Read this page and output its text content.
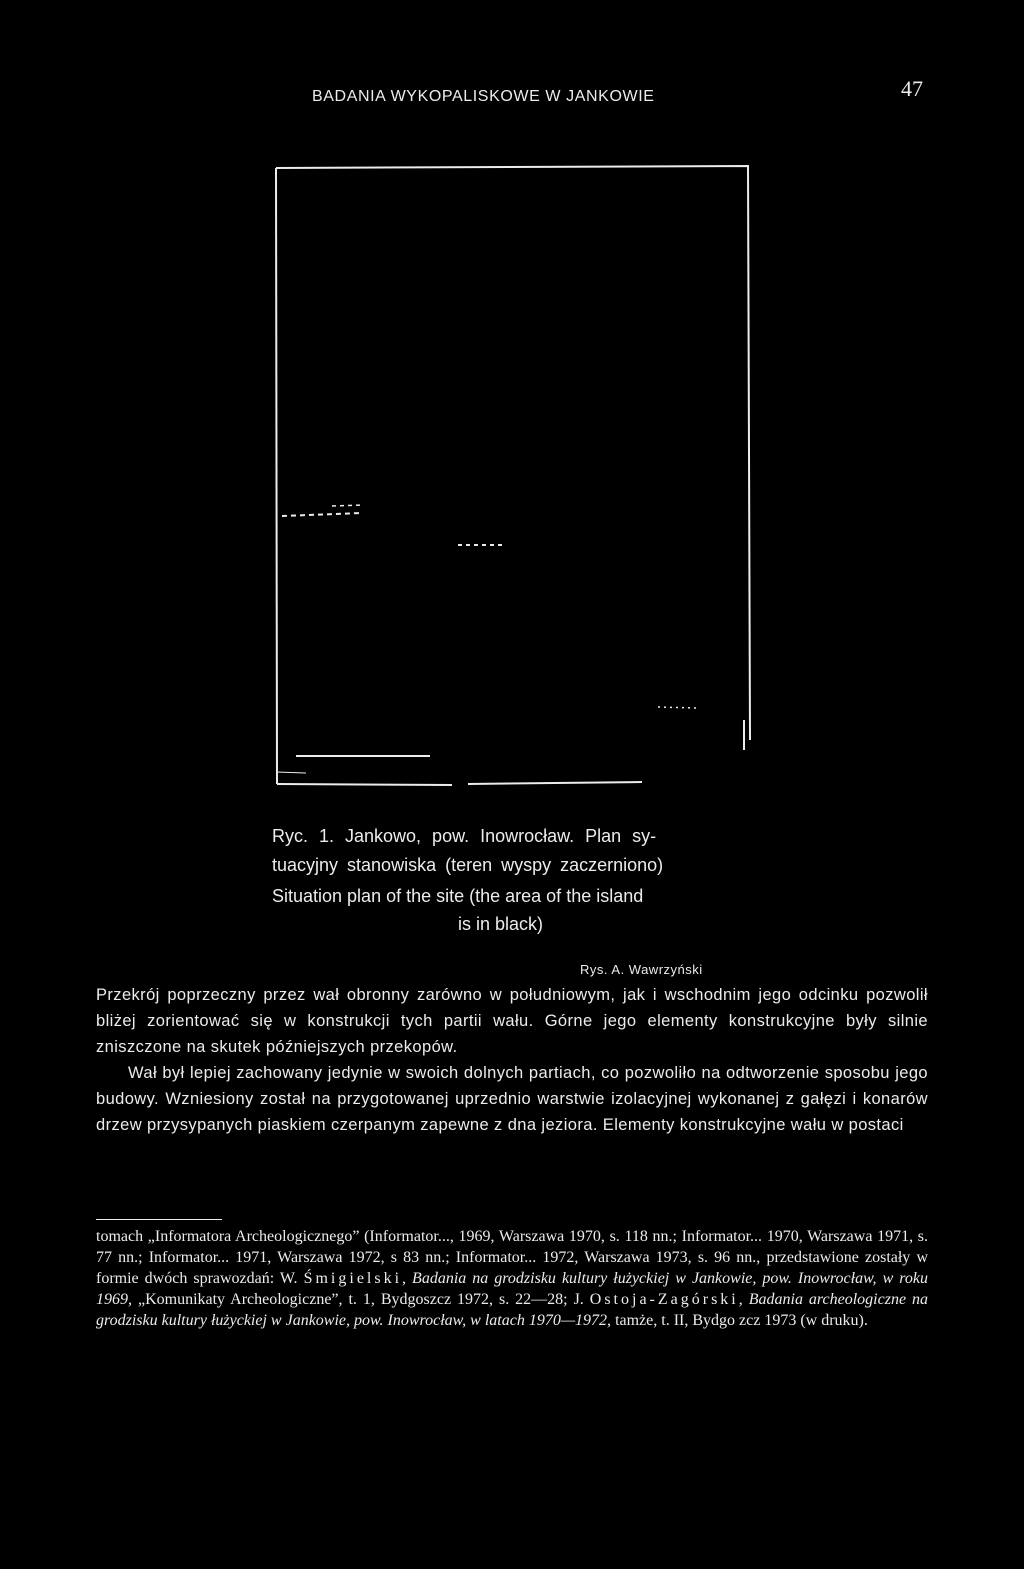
BADANIA WYKOPALISKOWE W JANKOWIE	47
Ryc. 1. Jankowo, pow. Inowrocław. Plan sy-
tuacyjny stanowiska (teren wyspy zaczerniono)
Situation plan of the site (the area of the island
is in black)
Rys. A. Wawrzyński

Przekrój poprzeczny przez wał obronny zarówno w południowym, jak i wschodnim jego odcinku pozwolił bliżej zorientować się w konstrukcji tych partii wału. Górne jego elementy konstrukcyjne były silnie zniszczone na skutek późniejszych przekopów.

Wał był lepiej zachowany jedynie w swoich dolnych partiach, co pozwoliło na odtworzenie sposobu jego budowy. Wzniesiony został na przygotowanej uprzednio warstwie izolacyjnej wykonanej z gałęzi i konarów drzew przysypanych piaskiem czerpanym zapewne z dna jeziora. Elementy konstrukcyjne wału w postaci

tomach „Informatora Archeologicznego” (Informator..., 1969, Warszawa 1970, s. 118 nn.; Informator... 1970, Warszawa 1971, s. 77 nn.; Informator... 1971, Warszawa 1972, s 83 nn.; Informator... 1972, Warszawa 1973, s. 96 nn., przedstawione zostały w formie dwóch sprawozdań: W. Śmigielski, Badania na grodzisku kultury łużyckiej w Jankowie, pow. Inowrocław, w roku 1969, „Komunikaty Archeologiczne”, t. 1, Bydgoszcz 1972, s. 22—28; J. Ostoja-Zagórski, Badania archeologiczne na grodzisku kultury łużyckiej w Jankowie, pow. Inowrocław, w latach 1970—1972, tamże, t. II, Bydgo zcz 1973 (w druku).
